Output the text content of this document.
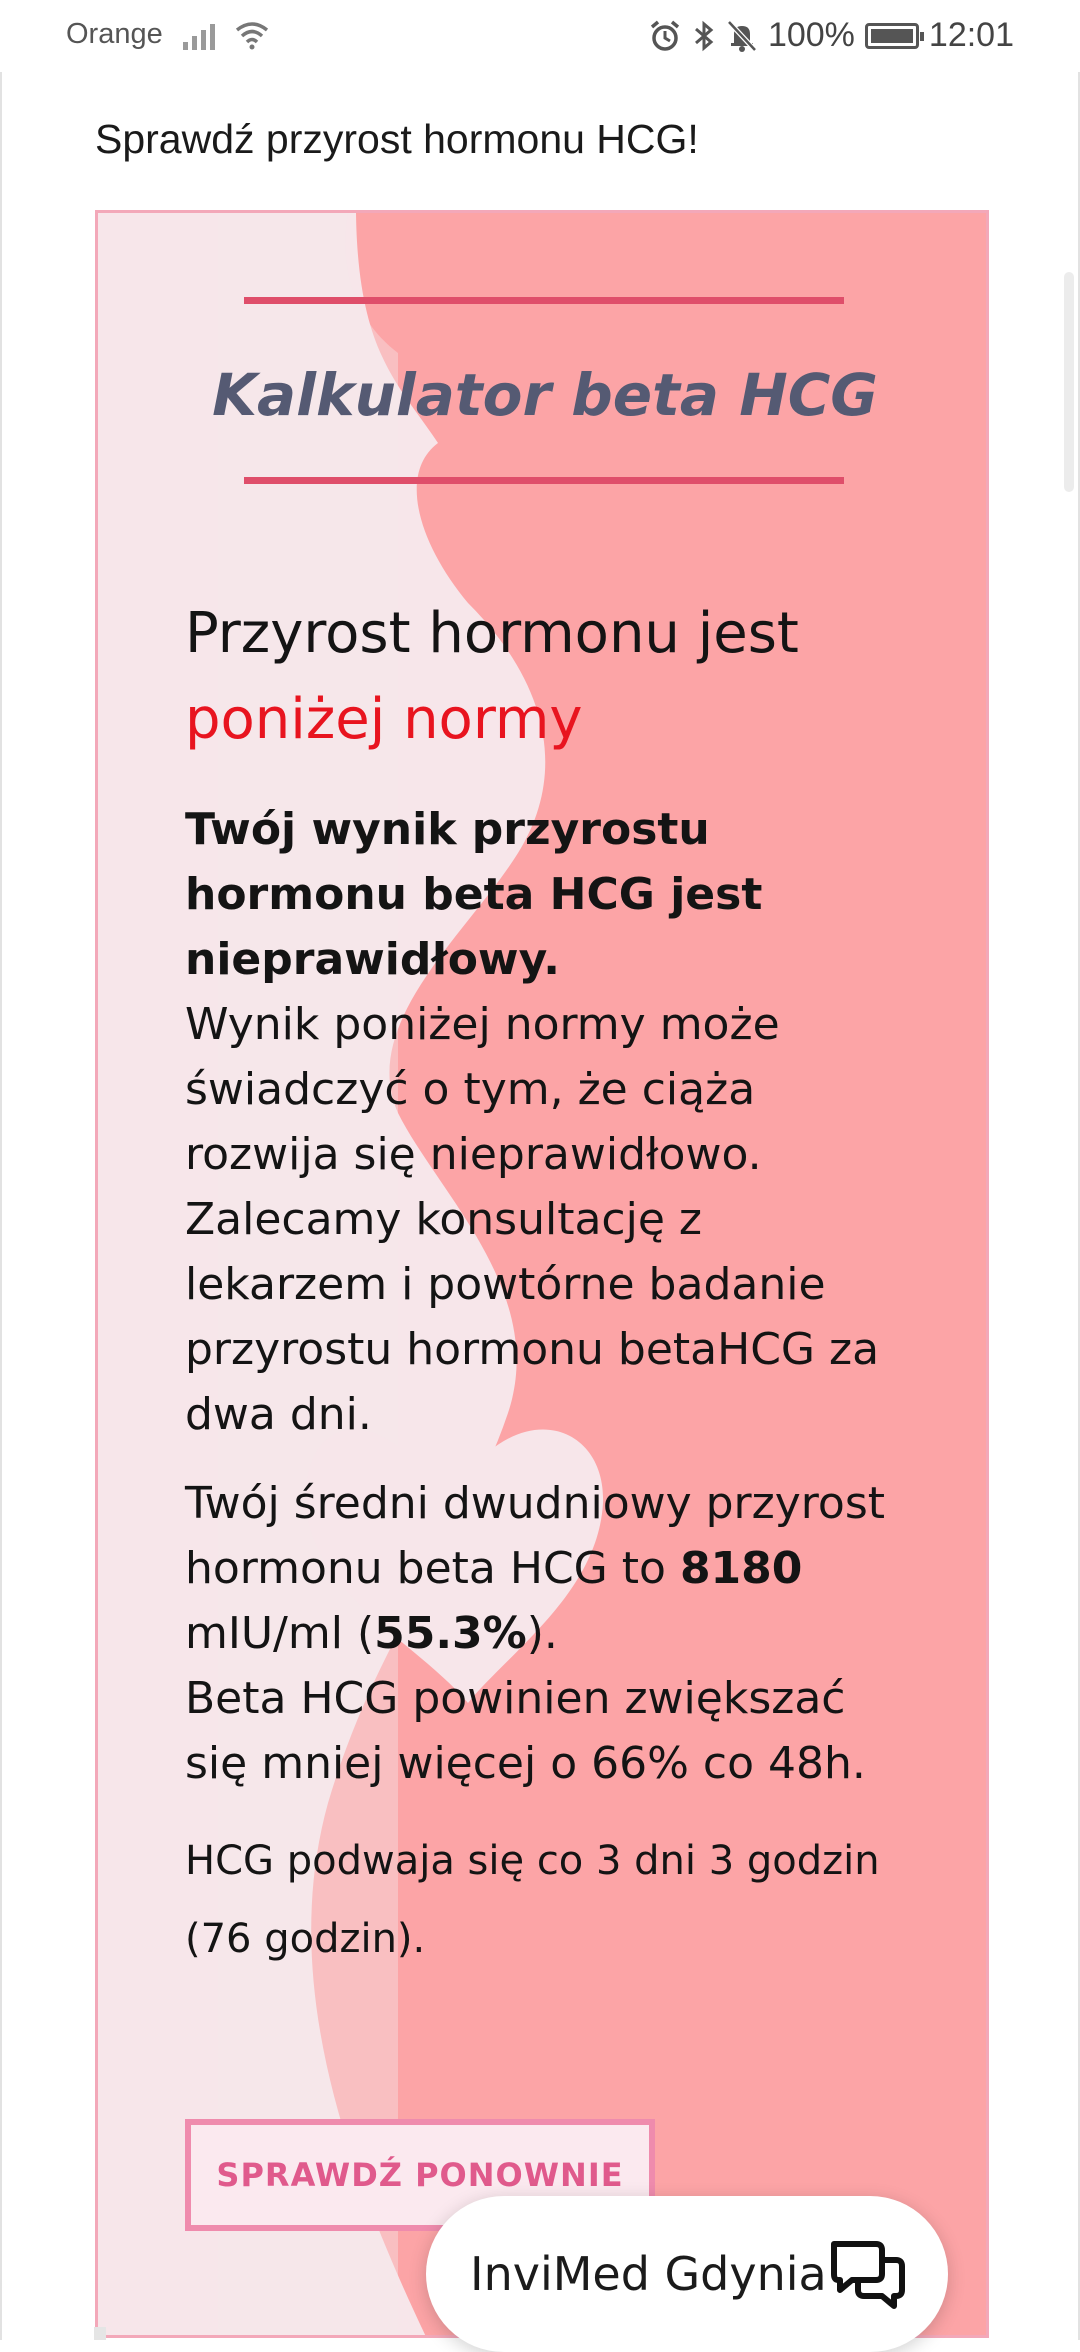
Orange	100% 12:01
Sprawdź przyrost hormonu HCG!
Kalkulator beta HCG

Przyrost hormonu jest
poniżej normy

Twój wynik przyrostu hormonu beta HCG jest nieprawidłowy.
Wynik poniżej normy może świadczyć o tym, że ciąża rozwija się nieprawidłowo. Zalecamy konsultację z lekarzem i powtórne badanie przyrostu hormonu betaHCG za dwa dni.
Twój średni dwudniowy przyrost hormonu beta HCG to 8180 mIU/ml (55.3%).
Beta HCG powinien zwiększać się mniej więcej o 66% co 48h.
HCG podwaja się co 3 dni 3 godzin (76 godzin).
SPRAWDŹ PONOWNIE
InviMed Gdynia
